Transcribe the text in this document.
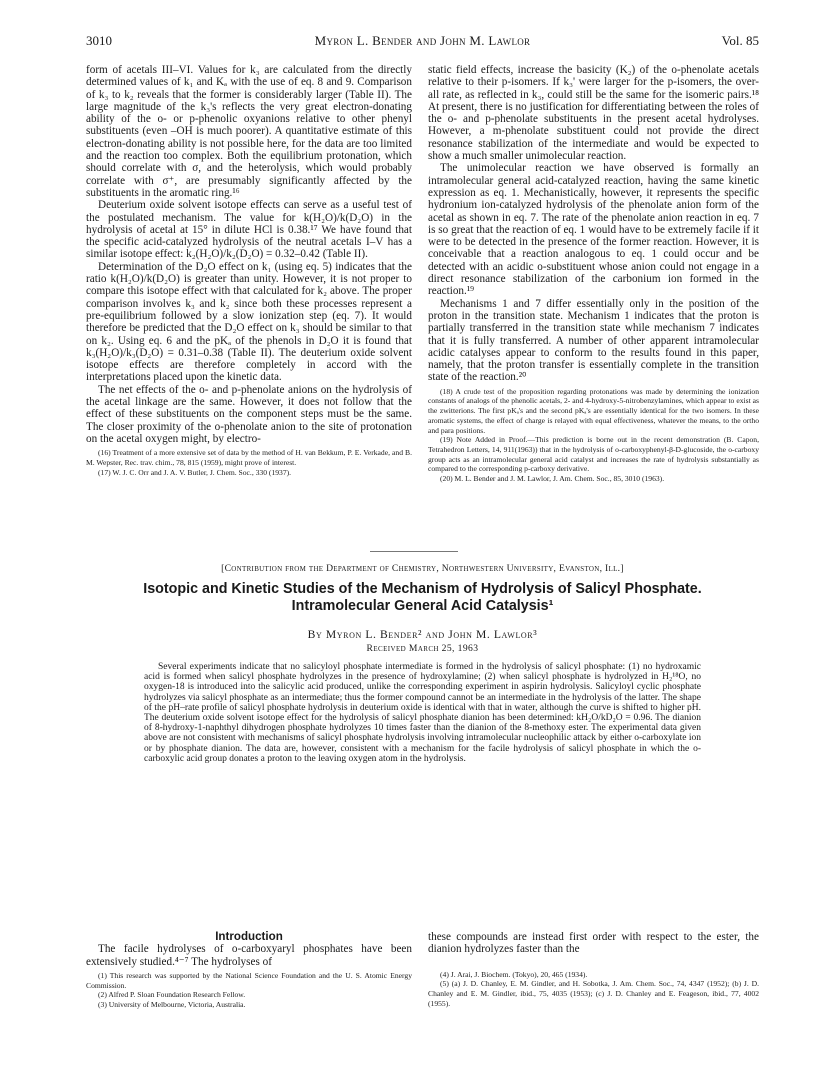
3010	Myron L. Bender and John M. Lawlor	Vol. 85

form of acetals III–VI. Values for k₃ are calculated from the directly determined values of k₁ and Kₐ with the use of eq. 8 and 9. Comparison of k₃ to k₂ reveals that the former is considerably larger (Table II). The large magnitude of the k₃'s reflects the very great electron-donating ability of the o- or p-phenolic oxyanions relative to other phenyl substituents (even –OH is much poorer). A quantitative estimate of this electron-donating ability is not possible here, for the data are too limited and the reaction too complex. Both the equilibrium protonation, which should correlate with σ, and the heterolysis, which would probably correlate with σ⁺, are presumably significantly affected by the substituents in the aromatic ring.¹⁶

Deuterium oxide solvent isotope effects can serve as a useful test of the postulated mechanism. The value for k(H₂O)/k(D₂O) in the hydrolysis of acetal at 15° in dilute HCl is 0.38.¹⁷ We have found that the specific acid-catalyzed hydrolysis of the neutral acetals I–V has a similar isotope effect: k₂(H₂O)/k₂(D₂O) = 0.32–0.42 (Table II).

Determination of the D₂O effect on k₁ (using eq. 5) indicates that the ratio k(H₂O)/k(D₂O) is greater than unity. However, it is not proper to compare this isotope effect with that calculated for k₂ above. The proper comparison involves k₃ and k₂ since both these processes represent a pre-equilibrium followed by a slow ionization step (eq. 7). It would therefore be predicted that the D₂O effect on k₃ should be similar to that on k₂. Using eq. 6 and the pKₐ of the phenols in D₂O it is found that k₃(H₂O)/k₃(D₂O) = 0.31–0.38 (Table II). The deuterium oxide solvent isotope effects are therefore completely in accord with the interpretations placed upon the kinetic data.

The net effects of the o- and p-phenolate anions on the hydrolysis of the acetal linkage are the same. However, it does not follow that the effect of these substituents on the component steps must be the same. The closer proximity of the o-phenolate anion to the site of protonation on the acetal oxygen might, by electro-

(16) Treatment of a more extensive set of data by the method of H. van Bekkum, P. E. Verkade, and B. M. Wepster, Rec. trav. chim., 78, 815 (1959), might prove of interest.

(17) W. J. C. Orr and J. A. V. Butler, J. Chem. Soc., 330 (1937).

static field effects, increase the basicity (K₂) of the o-phenolate acetals relative to their p-isomers. If k₃' were larger for the p-isomers, the over-all rate, as reflected in k₃, could still be the same for the isomeric pairs.¹⁸ At present, there is no justification for differentiating between the roles of the o- and p-phenolate substituents in the present acetal hydrolyses. However, a m-phenolate substituent could not provide the direct resonance stabilization of the intermediate and would be expected to show a much smaller unimolecular reaction.

The unimolecular reaction we have observed is formally an intramolecular general acid-catalyzed reaction, having the same kinetic expression as eq. 1. Mechanistically, however, it represents the specific hydronium ion-catalyzed hydrolysis of the phenolate anion form of the acetal as shown in eq. 7. The rate of the phenolate anion reaction in eq. 7 is so great that the reaction of eq. 1 would have to be extremely facile if it were to be detected in the presence of the former reaction. However, it is conceivable that a reaction analogous to eq. 1 could occur and be detected with an acidic o-substituent whose anion could not engage in a direct resonance stabilization of the carbonium ion formed in the reaction.¹⁹

Mechanisms 1 and 7 differ essentially only in the position of the proton in the transition state. Mechanism 1 indicates that the proton is partially transferred in the transition state while mechanism 7 indicates that it is fully transferred. A number of other apparent intramolecular acidic catalyses appear to conform to the results found in this paper, namely, that the proton transfer is essentially complete in the transition state of the reaction.²⁰

(18) A crude test of the proposition regarding protonations was made by determining the ionization constants of analogs of the phenolic acetals, 2- and 4-hydroxy-5-nitrobenzylamines, which appear to exist as the zwitterions. The first pKₐ's and the second pKₐ's are essentially identical for the two isomers. In these aromatic systems, the effect of charge is relayed with equal effectiveness, whatever the means, to the ortho and para positions.

(19) Note Added in Proof.—This prediction is borne out in the recent demonstration (B. Capon, Tetrahedron Letters, 14, 911(1963)) that in the hydrolysis of o-carboxyphenyl-β-D-glucoside, the o-carboxy group acts as an intramolecular general acid catalyst and increases the rate of hydrolysis substantially as compared to the corresponding p-carboxy derivative.

(20) M. L. Bender and J. M. Lawlor, J. Am. Chem. Soc., 85, 3010 (1963).

[Contribution from the Department of Chemistry, Northwestern University, Evanston, Ill.]
Isotopic and Kinetic Studies of the Mechanism of Hydrolysis of Salicyl Phosphate. Intramolecular General Acid Catalysis¹
By Myron L. Bender² and John M. Lawlor³
Received March 25, 1963

Several experiments indicate that no salicyloyl phosphate intermediate is formed in the hydrolysis of salicyl phosphate: (1) no hydroxamic acid is formed when salicyl phosphate hydrolyzes in the presence of hydroxylamine; (2) when salicyl phosphate is hydrolyzed in H₂¹⁸O, no oxygen-18 is introduced into the salicylic acid produced, unlike the corresponding experiment in aspirin hydrolysis. Salicyloyl cyclic phosphate hydrolyzes via salicyl phosphate as an intermediate; thus the former compound cannot be an intermediate in the hydrolysis of the latter. The shape of the pH–rate profile of salicyl phosphate hydrolysis in deuterium oxide is identical with that in water, although the curve is shifted to higher pH. The deuterium oxide solvent isotope effect for the hydrolysis of salicyl phosphate dianion has been determined: kH₂O/kD₂O = 0.96. The dianion of 8-hydroxy-1-naphthyl dihydrogen phosphate hydrolyzes 10 times faster than the dianion of the 8-methoxy ester. The experimental data given above are not consistent with mechanisms of salicyl phosphate hydrolysis involving intramolecular nucleophilic attack by either o-carboxylate ion or by phosphate dianion. The data are, however, consistent with a mechanism for the facile hydrolysis of salicyl phosphate in which the o-carboxylic acid group donates a proton to the leaving oxygen atom in the hydrolysis.

Introduction

The facile hydrolyses of o-carboxyaryl phosphates have been extensively studied.⁴⁻⁷ The hydrolyses of

(1) This research was supported by the National Science Foundation and the U. S. Atomic Energy Commission.

(2) Alfred P. Sloan Foundation Research Fellow.

(3) University of Melbourne, Victoria, Australia.

these compounds are instead first order with respect to the ester, the dianion hydrolyzes faster than the

(4) J. Arai, J. Biochem. (Tokyo), 20, 465 (1934).

(5) (a) J. D. Chanley, E. M. Gindler, and H. Sobotka, J. Am. Chem. Soc., 74, 4347 (1952); (b) J. D. Chanley and E. M. Gindler, ibid., 75, 4035 (1953); (c) J. D. Chanley and E. Feageson, ibid., 77, 4002 (1955).
